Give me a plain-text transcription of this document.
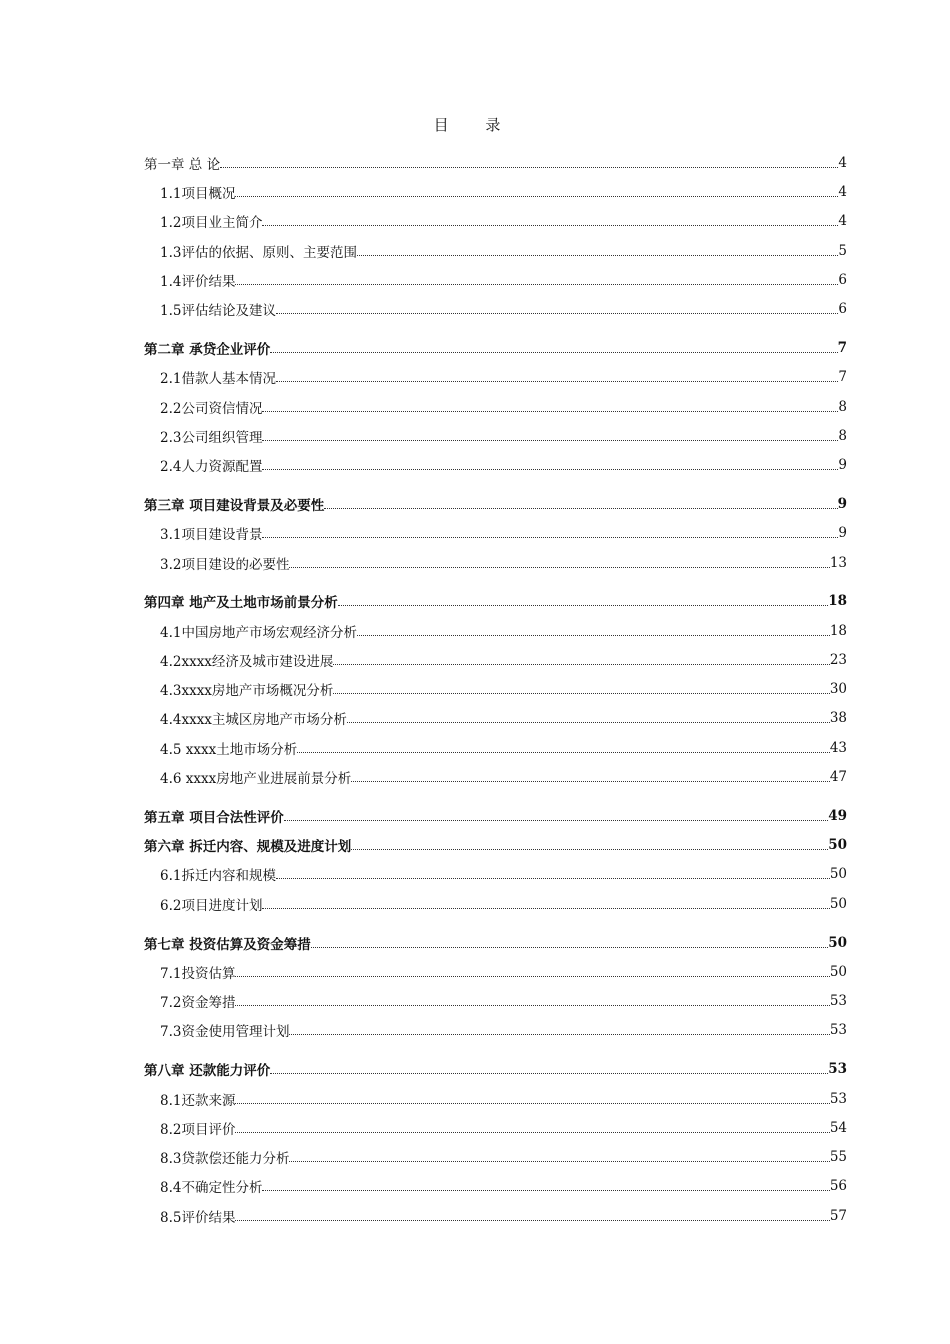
目 录
第一章 总 论	4
1.1项目概况	4
1.2项目业主简介	4
1.3评估的依据、原则、主要范围	5
1.4评价结果	6
1.5评估结论及建议	6
第二章 承贷企业评价	7
2.1借款人基本情况	7
2.2公司资信情况	8
2.3公司组织管理	8
2.4人力资源配置	9
第三章 项目建设背景及必要性	9
3.1项目建设背景	9
3.2项目建设的必要性	13
第四章 地产及土地市场前景分析	18
4.1中国房地产市场宏观经济分析	18
4.2xxxx经济及城市建设进展	23
4.3xxxx房地产市场概况分析	30
4.4xxxx主城区房地产市场分析	38
4.5 xxxx土地市场分析	43
4.6 xxxx房地产业进展前景分析	47
第五章 项目合法性评价	49
第六章 拆迁内容、规模及进度计划	50
6.1拆迁内容和规模	50
6.2项目进度计划	50
第七章 投资估算及资金筹措	50
7.1投资估算	50
7.2资金筹措	53
7.3资金使用管理计划	53
第八章 还款能力评价	53
8.1还款来源	53
8.2项目评价	54
8.3贷款偿还能力分析	55
8.4不确定性分析	56
8.5评价结果	57
